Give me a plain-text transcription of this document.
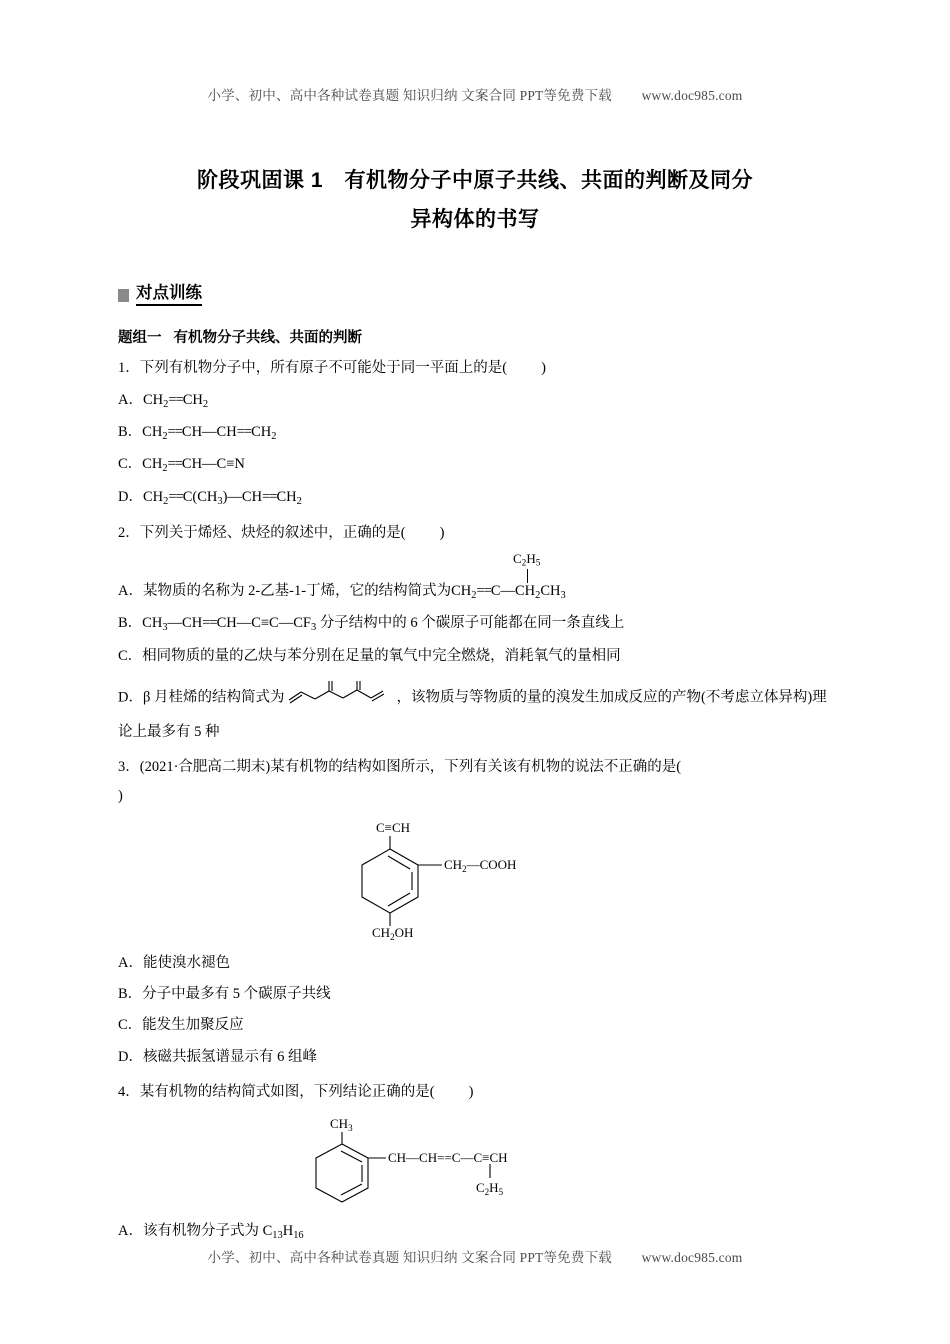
小学、初中、高中各种试卷真题 知识归纳 文案合同 PPT等免费下载 www.doc985.com
阶段巩固课 1　有机物分子中原子共线、共面的判断及同分
异构体的书写
对点训练
题组一 有机物分子共线、共面的判断

1．下列有机物分子中，所有原子不可能处于同一平面上的是( )

A．$CH_2==CH_2$

B．$CH_2==CH—CH==CH_2$

C．$CH_2==CH—C\equiv N$

D．$CH_2==C(CH_3)—CH==CH_2$

2．下列关于烯烃、炔烃的叙述中，正确的是( )

$C_2H_5$

A．某物质的名称为 2-乙基-1-丁烯，它的结构简式为$CH_2==C—CH_2CH_3$

B．$CH_3—CH==CH—C\equiv C—CF_3$ 分子结构中的 6 个碳原子可能都在同一条直线上

C．相同物质的量的乙炔与苯分别在足量的氧气中完全燃烧，消耗氧气的量相同

D．β 月桂烯的结构简式为	，该物质与等物质的量的溴发生加成反应的产物(不考虑立体异构)理论上最多有 5 种

3．(2021·合肥高二期末)某有机物的结构如图所示，下列有关该有机物的说法不正确的是(
)

C≡CH
$CH_2—COOH$
$CH_2OH$

A．能使溴水褪色

B．分子中最多有 5 个碳原子共线

C．能发生加聚反应

D．核磁共振氢谱显示有 6 组峰

4．某有机物的结构简式如图，下列结论正确的是( )

$CH_3$
CH—CH==C—C≡CH
$C_2H_5$

A．该有机物分子式为 $C_{13}H_{16}$

小学、初中、高中各种试卷真题 知识归纳 文案合同 PPT等免费下载 www.doc985.com
